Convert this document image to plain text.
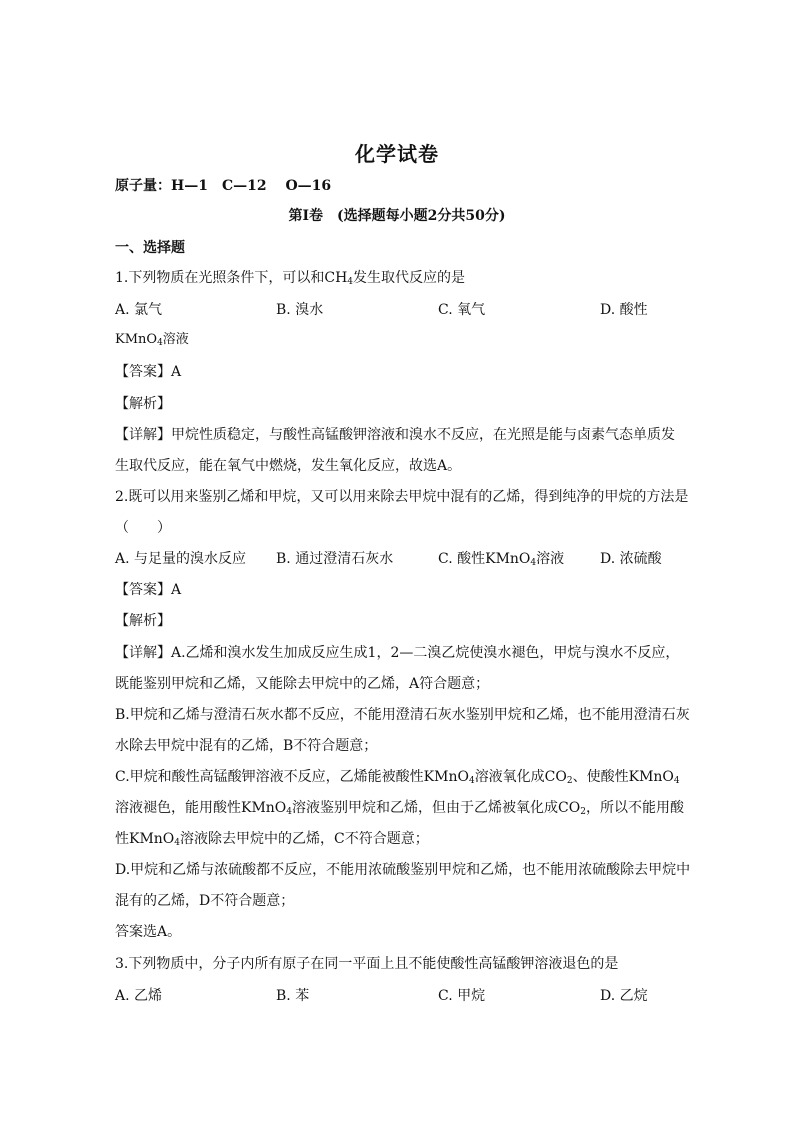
化学试卷
原子量：H—1　C—12　 O—16
第Ⅰ卷　(选择题每小题2分共50分)
一、选择题
1.下列物质在光照条件下，可以和$CH_4$发生取代反应的是
A. 氯气	B. 溴水	C. 氧气	D. 酸性
KMnO$_4$溶液
【答案】A
【解析】
【详解】甲烷性质稳定，与酸性高锰酸钾溶液和溴水不反应，在光照是能与卤素气态单质发
生取代反应，能在氧气中燃烧，发生氧化反应，故选A。
2.既可以用来鉴别乙烯和甲烷，又可以用来除去甲烷中混有的乙烯，得到纯净的甲烷的方法是
（　　）
A. 与足量的溴水反应 B. 通过澄清石灰水	C. 酸性KMnO$_4$溶液	D. 浓硫酸
【答案】A
【解析】
【详解】A.乙烯和溴水发生加成反应生成1，2—二溴乙烷使溴水褪色，甲烷与溴水不反应，
既能鉴别甲烷和乙烯，又能除去甲烷中的乙烯，A符合题意；
B.甲烷和乙烯与澄清石灰水都不反应，不能用澄清石灰水鉴别甲烷和乙烯，也不能用澄清石灰
水除去甲烷中混有的乙烯，B不符合题意；
C.甲烷和酸性高锰酸钾溶液不反应，乙烯能被酸性KMnO$_4$溶液氧化成$CO_2$、使酸性KMnO$_4$
溶液褪色，能用酸性KMnO$_4$溶液鉴别甲烷和乙烯，但由于乙烯被氧化成$CO_2$，所以不能用酸
性KMnO$_4$溶液除去甲烷中的乙烯，C不符合题意；
D.甲烷和乙烯与浓硫酸都不反应，不能用浓硫酸鉴别甲烷和乙烯，也不能用浓硫酸除去甲烷中
混有的乙烯，D不符合题意；
答案选A。
3.下列物质中，分子内所有原子在同一平面上且不能使酸性高锰酸钾溶液退色的是
A. 乙烯	B. 苯	C. 甲烷	D. 乙烷
